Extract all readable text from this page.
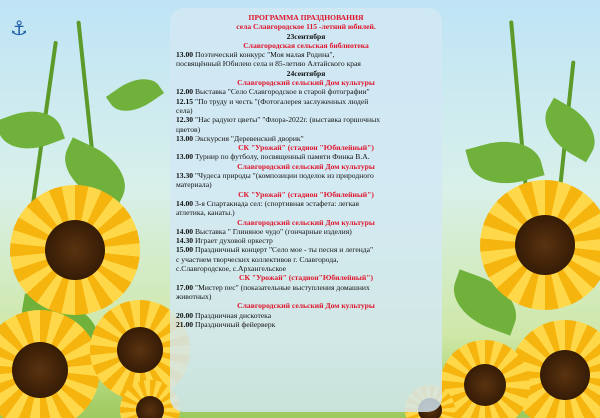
⚓	ПРОГРАММА ПРАЗДНОВАНИЯ
села Славгородское 115 -летний юбилей.
23сентября
Славгородская сельская библиотека
13.00 Поэтический конкурс "Моя малая Родина",
посвящённый Юбилею села и 85-летию Алтайского края
24сентября
Славгородский сельский Дом культуры
12.00 Выставка "Село Славгородское в старой фотографии"
12.15 "По труду и честь "(Фотогалерея заслуженных людей
села)
12.30 "Нас радуют цветы" "Флора-2022г. (выставка горшочных
цветов)
13.00 Экскурсия "Деревенский дворик"
СК "Урожай" (стадион "Юбилейный")
13.00 Турнир по футболу, посвященный памяти Финка В.А.
Славгородский сельский Дом культуры
13.30 "Чудеса природы "(композиции поделок из природного
материала)
СК "Урожай" (стадион "Юбилейный")
14.00 3-я Спартакиада сел: (спортивная эстафета: легкая
атлетика, канаты.)
Славгородский сельский Дом культуры
14.00 Выставка " Глиняное чудо" (гончарные изделия)
14.30 Играет духовой оркестр
15.00 Праздничный концерт "Село мое - ты песня и легенда"
с участием творческих коллективов г. Славгорода,
с.Славгородское, с.Архангельское
СК "Урожай" (стадион"Юбилейный")
17.00 "Мистер пес" (показательные выступления домашних
животных)
Славгородский сельский Дом культуры
20.00 Праздничная дискотека
21.00 Праздничный фейерверк
